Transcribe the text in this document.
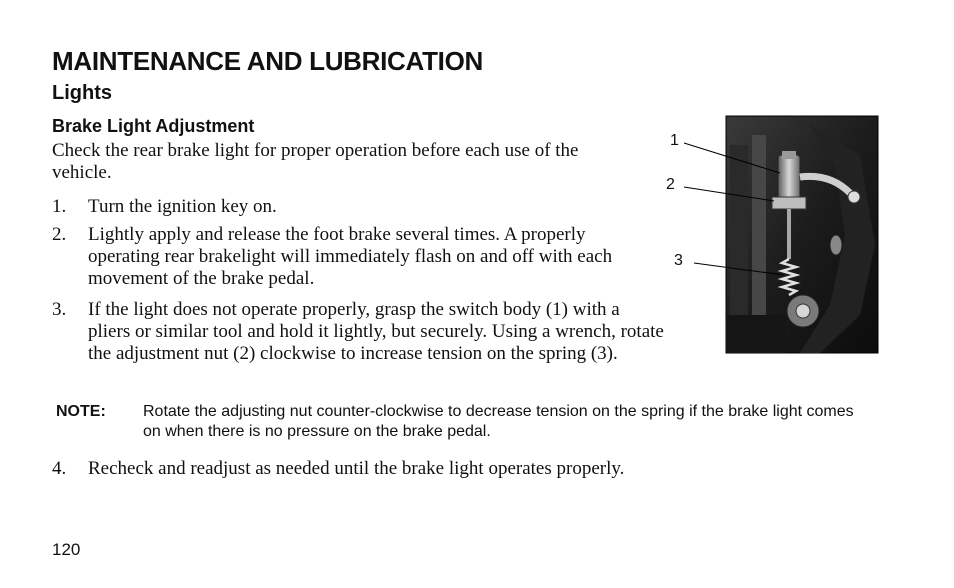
MAINTENANCE AND LUBRICATION
Lights
Brake Light Adjustment

Check the rear brake light for proper operation before each use of the vehicle.

1. Turn the ignition key on.
2. Lightly apply and release the foot brake several times. A properly operating rear brakelight will immediately flash on and off with each movement of the brake pedal.
3. If the light does not operate properly, grasp the switch body (1) with a pliers or similar tool and hold it lightly, but securely. Using a wrench, rotate the adjustment nut (2) clockwise to increase tension on the spring (3).
NOTE: Rotate the adjusting nut counter-clockwise to decrease tension on the spring if the brake light comes on when there is no pressure on the brake pedal.
4. Recheck and readjust as needed until the brake light operates properly.
1
2
3
120
